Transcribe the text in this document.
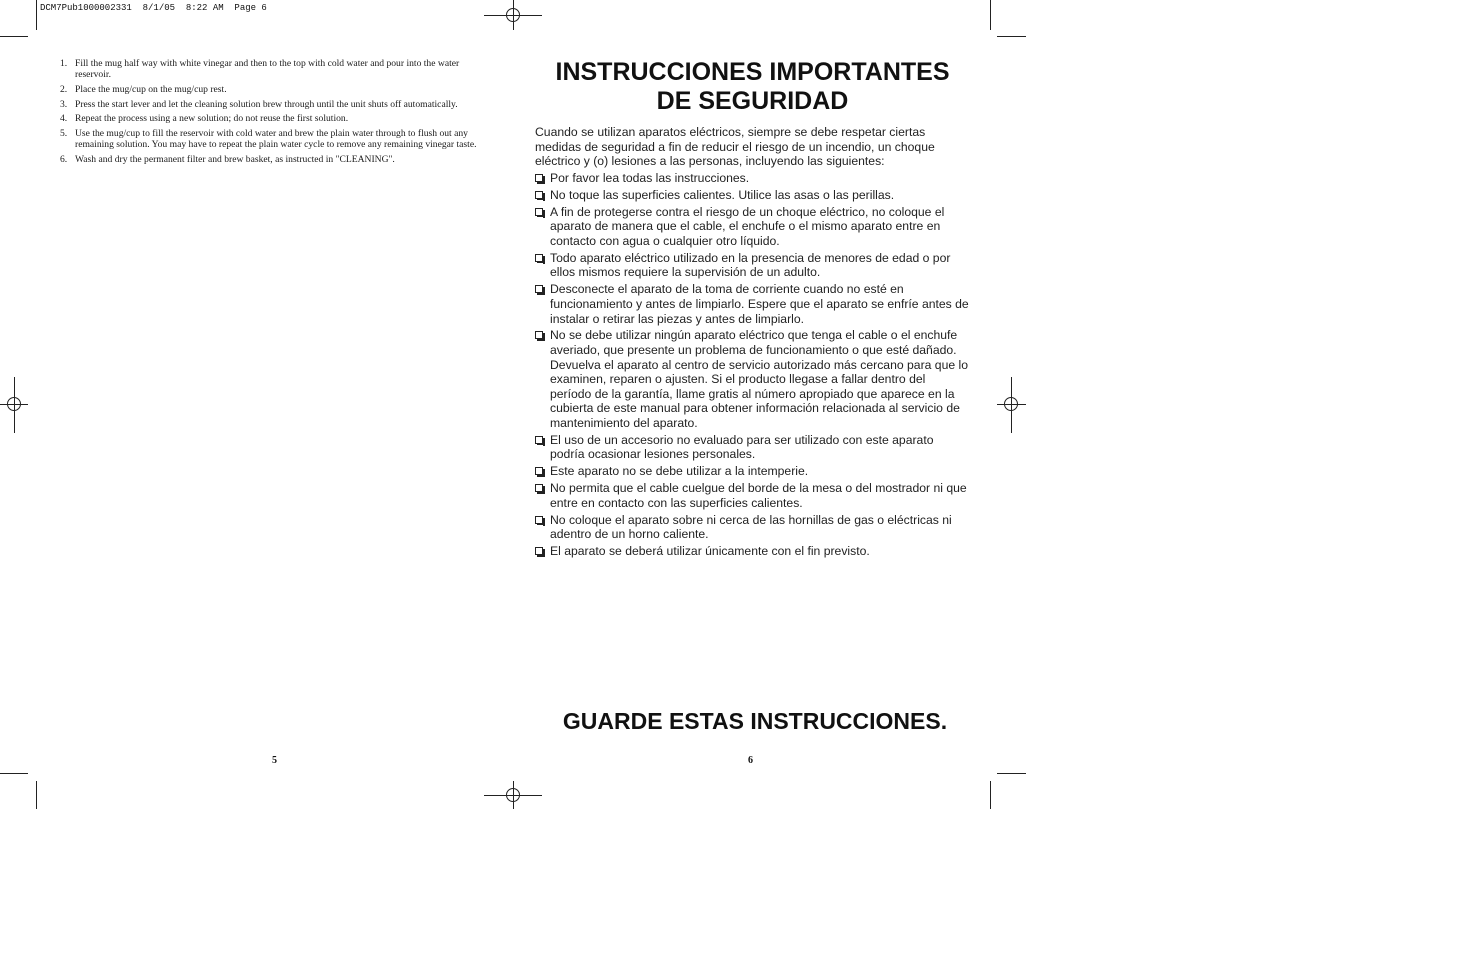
DCM7Pub1000002331  8/1/05  8:22 AM  Page 6
1. Fill the mug half way with white vinegar and then to the top with cold water and pour into the water reservoir.
2. Place the mug/cup on the mug/cup rest.
3. Press the start lever and let the cleaning solution brew through until the unit shuts off automatically.
4. Repeat the process using a new solution; do not reuse the first solution.
5. Use the mug/cup to fill the reservoir with cold water and brew the plain water through to flush out any remaining solution. You may have to repeat the plain water cycle to remove any remaining vinegar taste.
6. Wash and dry the permanent filter and brew basket, as instructed in "CLEANING".
5
INSTRUCCIONES IMPORTANTES
DE SEGURIDAD

Cuando se utilizan aparatos eléctricos, siempre se debe respetar ciertas medidas de seguridad a fin de reducir el riesgo de un incendio, un choque eléctrico y (o) lesiones a las personas, incluyendo las siguientes:

Por favor lea todas las instrucciones.
No toque las superficies calientes. Utilice las asas o las perillas.
A fin de protegerse contra el riesgo de un choque eléctrico, no coloque el aparato de manera que el cable, el enchufe o el mismo aparato entre en contacto con agua o cualquier otro líquido.
Todo aparato eléctrico utilizado en la presencia de menores de edad o por ellos mismos requiere la supervisión de un adulto.
Desconecte el aparato de la toma de corriente cuando no esté en funcionamiento y antes de limpiarlo. Espere que el aparato se enfríe antes de instalar o retirar las piezas y antes de limpiarlo.
No se debe utilizar ningún aparato eléctrico que tenga el cable o el enchufe averiado, que presente un problema de funcionamiento o que esté dañado. Devuelva el aparato al centro de servicio autorizado más cercano para que lo examinen, reparen o ajusten. Si el producto llegase a fallar dentro del período de la garantía, llame gratis al número apropiado que aparece en la cubierta de este manual para obtener información relacionada al servicio de mantenimiento del aparato.
El uso de un accesorio no evaluado para ser utilizado con este aparato podría ocasionar lesiones personales.
Este aparato no se debe utilizar a la intemperie.
No permita que el cable cuelgue del borde de la mesa o del mostrador ni que entre en contacto con las superficies calientes.
No coloque el aparato sobre ni cerca de las hornillas de gas o eléctricas ni adentro de un horno caliente.
El aparato se deberá utilizar únicamente con el fin previsto.
GUARDE ESTAS INSTRUCCIONES.
6
